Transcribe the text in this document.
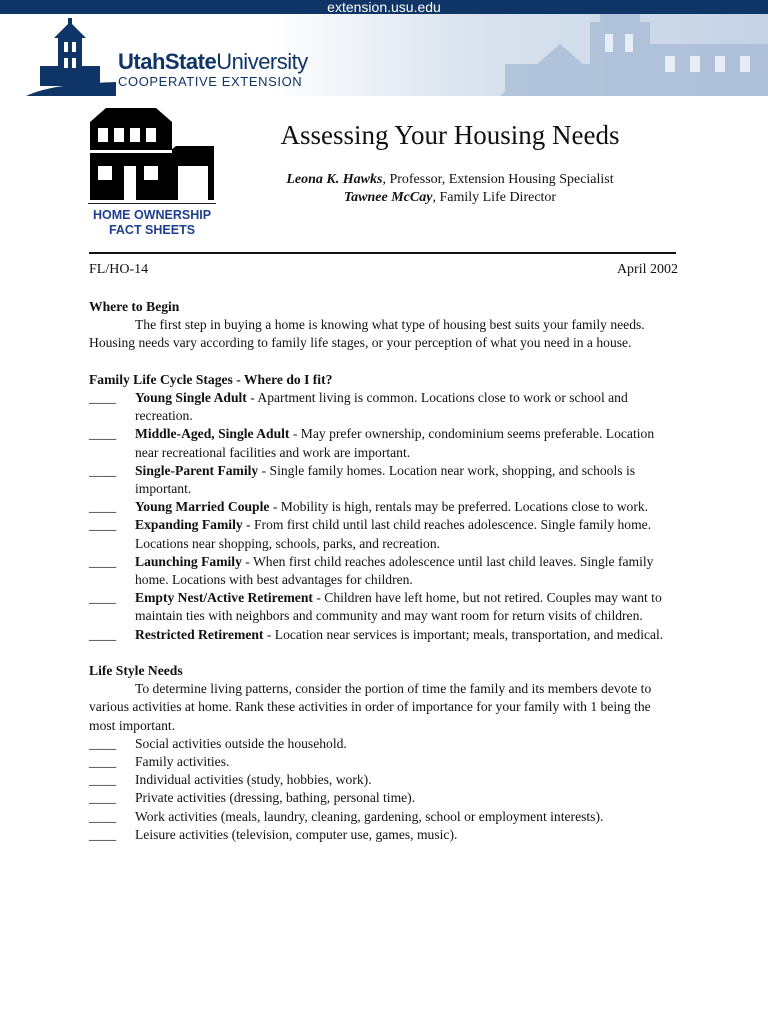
extension.usu.edu
UtahStateUniversity
COOPERATIVE EXTENSION
HOME OWNERSHIP
FACT SHEETS
Assessing Your Housing Needs
Leona K. Hawks, Professor, Extension Housing Specialist
Tawnee McCay, Family Life Director
FL/HO-14	April 2002
Where to Begin

The first step in buying a home is knowing what type of housing best suits your family needs. Housing needs vary according to family life stages, or your perception of what you need in a house.

Family Life Cycle Stages - Where do I fit?
____	Young Single Adult - Apartment living is common. Locations close to work or school and recreation.
____	Middle-Aged, Single Adult - May prefer ownership, condominium seems preferable. Location near recreational facilities and work are important.
____	Single-Parent Family - Single family homes. Location near work, shopping, and schools is important.
____	Young Married Couple - Mobility is high, rentals may be preferred. Locations close to work.
____	Expanding Family - From first child until last child reaches adolescence. Single family home. Locations near shopping, schools, parks, and recreation.
____	Launching Family - When first child reaches adolescence until last child leaves. Single family home. Locations with best advantages for children.
____	Empty Nest/Active Retirement - Children have left home, but not retired. Couples may want to maintain ties with neighbors and community and may want room for return visits of children.
____	Restricted Retirement - Location near services is important; meals, transportation, and medical.
Life Style Needs

To determine living patterns, consider the portion of time the family and its members devote to various activities at home. Rank these activities in order of importance for your family with 1 being the most important.

____	Social activities outside the household.
____	Family activities.
____	Individual activities (study, hobbies, work).
____	Private activities (dressing, bathing, personal time).
____	Work activities (meals, laundry, cleaning, gardening, school or employment interests).
____	Leisure activities (television, computer use, games, music).
